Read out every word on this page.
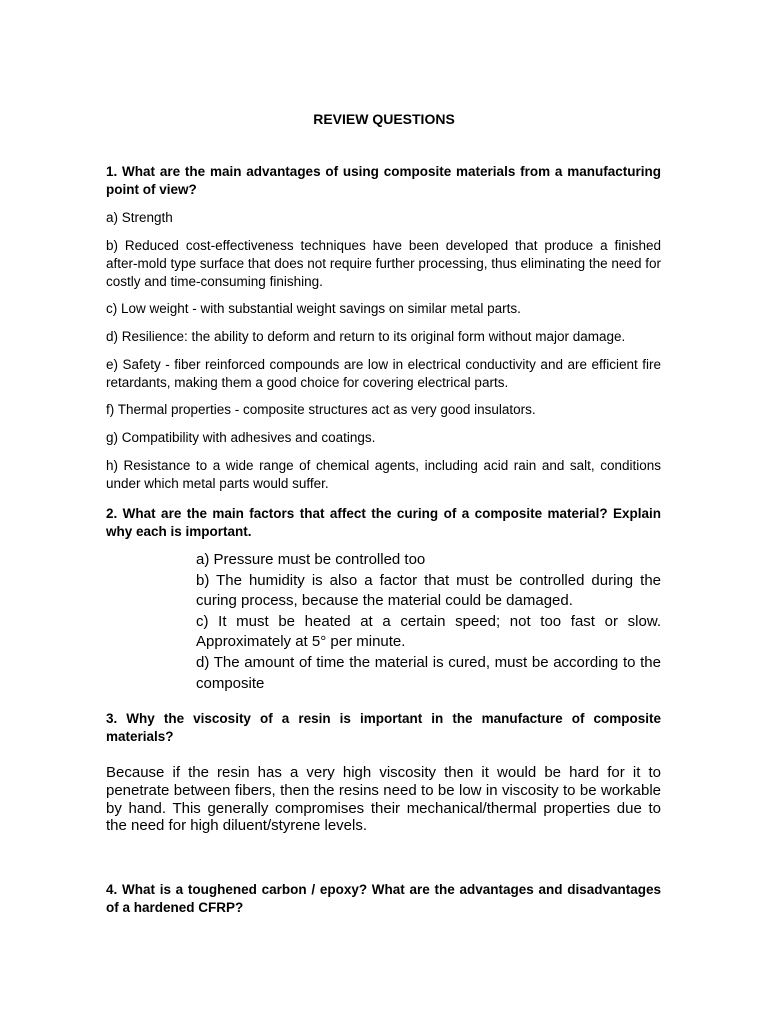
REVIEW QUESTIONS

1. What are the main advantages of using composite materials from a manufacturing point of view?

a) Strength

b) Reduced cost-effectiveness techniques have been developed that produce a finished after-mold type surface that does not require further processing, thus eliminating the need for costly and time-consuming finishing.

c) Low weight - with substantial weight savings on similar metal parts.

d) Resilience: the ability to deform and return to its original form without major damage.

e) Safety - fiber reinforced compounds are low in electrical conductivity and are efficient fire retardants, making them a good choice for covering electrical parts.

f) Thermal properties - composite structures act as very good insulators.

g) Compatibility with adhesives and coatings.

h) Resistance to a wide range of chemical agents, including acid rain and salt, conditions under which metal parts would suffer.

2. What are the main factors that affect the curing of a composite material? Explain why each is important.

a) Pressure must be controlled too

b) The humidity is also a factor that must be controlled during the curing process, because the material could be damaged.

c) It must be heated at a certain speed; not too fast or slow. Approximately at 5° per minute.

d) The amount of time the material is cured, must be according to the composite

3. Why the viscosity of a resin is important in the manufacture of composite materials?

Because if the resin has a very high viscosity then it would be hard for it to penetrate between fibers, then the resins need to be low in viscosity to be workable by hand. This generally compromises their mechanical/thermal properties due to the need for high diluent/styrene levels.

4. What is a toughened carbon / epoxy? What are the advantages and disadvantages of a hardened CFRP?
